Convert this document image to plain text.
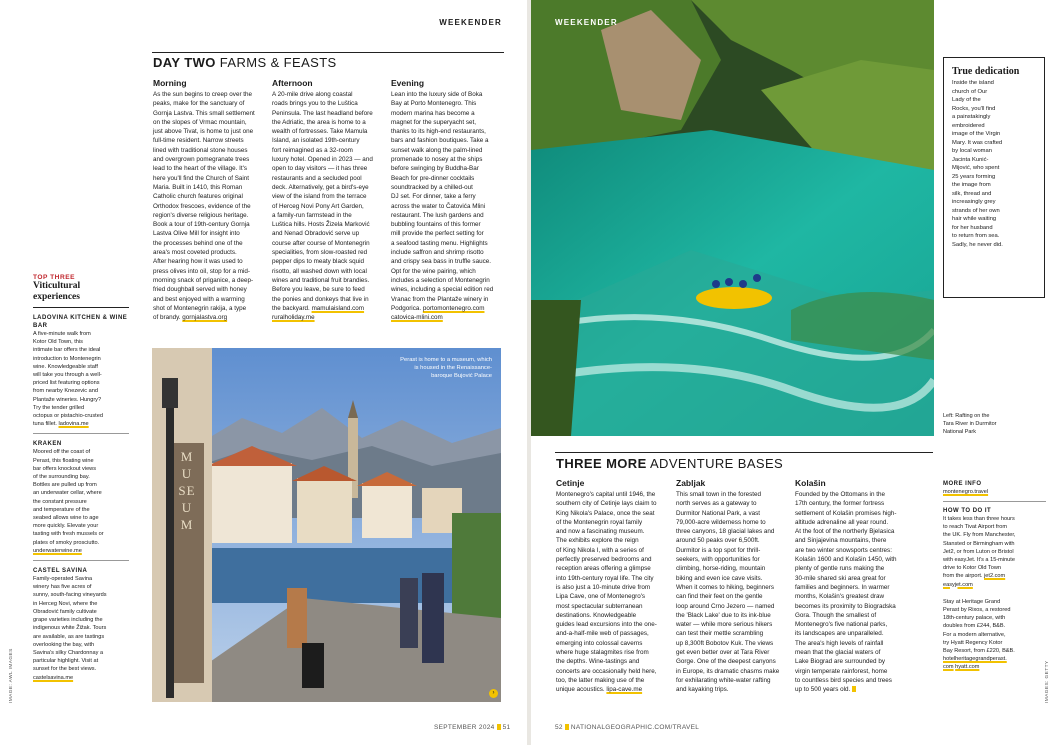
WEEKENDER
DAY TWO FARMS & FEASTS
Morning
As the sun begins to creep over the
peaks, make for the sanctuary of
Gornja Lastva. This small settlement
on the slopes of Vrmac mountain,
just above Tivat, is home to just one
full-time resident. Narrow streets
lined with traditional stone houses
and overgrown pomegranate trees
lead to the heart of the village. It's
here you'll find the Church of Saint
Maria. Built in 1410, this Roman
Catholic church features original
Orthodox frescoes, evidence of the
region's diverse religious heritage.
Book a tour of 19th-century Gornja
Lastva Olive Mill for insight into
the processes behind one of the
area's most coveted products.
After hearing how it was used to
press olives into oil, stop for a mid-
morning snack of priganice, a deep-
fried doughball served with honey
and best enjoyed with a warming
shot of Montenegrin rakija, a type
of brandy. gornjalastva.org
Afternoon
A 20-mile drive along coastal
roads brings you to the Luštica
Peninsula. The last headland before
the Adriatic, the area is home to a
wealth of fortresses. Take Mamula
Island, an isolated 19th-century
fort reimagined as a 32-room
luxury hotel. Opened in 2023 — and
open to day visitors — it has three
restaurants and a secluded pool
deck. Alternatively, get a bird's-eye
view of the island from the terrace
of Herceg Novi Pony Art Garden,
a family-run farmstead in the
Luštica hills. Hosts Žizela Marković
and Nenad Obradović serve up
course after course of Montenegrin
specialities, from slow-roasted red
pepper dips to meaty black squid
risotto, all washed down with local
wines and traditional fruit brandies.
Before you leave, be sure to feed
the ponies and donkeys that live in
the backyard. mamulaisland.com
ruralholiday.me
Evening
Lean into the luxury side of Boka
Bay at Porto Montenegro. This
modern marina has become a
magnet for the superyacht set,
thanks to its high-end restaurants,
bars and fashion boutiques. Take a
sunset walk along the palm-lined
promenade to nosey at the ships
before swinging by Buddha-Bar
Beach for pre-dinner cocktails
soundtracked by a chilled-out
DJ set. For dinner, take a ferry
across the water to Čatovića Mlini
restaurant. The lush gardens and
bubbling fountains of this former
mill provide the perfect setting for
a seafood tasting menu. Highlights
include saffron and shrimp risotto
and crispy sea bass in truffle sauce.
Opt for the wine pairing, which
includes a selection of Montenegrin
wines, including a special edition red
Vranac from the Plantaže winery in
Podgorica. portomontenegro.com
catovica-mlini.com
TOP THREE
Viticultural experiences
LADOVINA KITCHEN & WINE BAR
A five-minute walk from
Kotor Old Town, this
intimate bar offers the ideal
introduction to Montenegrin
wine. Knowledgeable staff
will take you through a well-
priced list featuring options
from nearby Knezevic and
Plantaže wineries. Hungry?
Try the tender grilled
octopus or pistachio-crusted
tuna fillet. ladovina.me
KRAKEN
Moored off the coast of
Perast, this floating wine
bar offers knockout views
of the surrounding bay.
Bottles are pulled up from
an underwater cellar, where
the constant pressure
and temperature of the
seabed allows wine to age
more quickly. Elevate your
tasting with fresh mussels or
plates of smoky prosciutto.
underwaterwine.me
CASTEL SAVINA
Family-operated Savina
winery has five acres of
sunny, south-facing vineyards
in Herceg Novi, where the
Obradović family cultivate
grape varieties including the
indigenous white Žižak. Tours
are available, as are tastings
overlooking the bay, with
Savina's silky Chardonnay a
particular highlight. Visit at
sunset for the best views.
castelsavina.me
MUSEUM
Perast is home to a museum, which
is housed in the Renaissance-
baroque Bujović Palace
›
IMAGE: AWL IMAGES
SEPTEMBER 2024 51
WEEKENDER
True dedication
Inside the island
church of Our
Lady of the
Rocks, you'll find
a painstakingly
embroidered
image of the Virgin
Mary. It was crafted
by local woman
Jacinta Kunić-
Mijović, who spent
25 years forming
the image from
silk, thread and
increasingly grey
strands of her own
hair while waiting
for her husband
to return from sea.
Sadly, he never did.
Left: Rafting on the
Tara River in Durmitor
National Park
THREE MORE ADVENTURE BASES
Cetinje
Montenegro's capital until 1946, the
southern city of Cetinje lays claim to
King Nikola's Palace, once the seat
of the Montenegrin royal family
and now a fascinating museum.
The exhibits explore the reign
of King Nikola I, with a series of
perfectly preserved bedrooms and
reception areas offering a glimpse
into 19th-century royal life. The city
is also just a 10-minute drive from
Lipa Cave, one of Montenegro's
most spectacular subterranean
destinations. Knowledgeable
guides lead excursions into the one-
and-a-half-mile web of passages,
emerging into colossal caverns
where huge stalagmites rise from
the depths. Wine-tastings and
concerts are occasionally held here,
too, the latter making use of the
unique acoustics. lipa-cave.me
Zabljak
This small town in the forested
north serves as a gateway to
Durmitor National Park, a vast
79,000-acre wilderness home to
three canyons, 18 glacial lakes and
around 50 peaks over 6,500ft.
Durmitor is a top spot for thrill-
seekers, with opportunities for
climbing, horse-riding, mountain
biking and even ice cave visits.
When it comes to hiking, beginners
can find their feet on the gentle
loop around Crno Jezero — named
the 'Black Lake' due to its ink-blue
water — while more serious hikers
can test their mettle scrambling
up 8,300ft Bobotov Kuk. The views
get even better over at Tara River
Gorge. One of the deepest canyons
in Europe, its dramatic chasms make
for exhilarating white-water rafting
and kayaking trips.
Kolašin
Founded by the Ottomans in the
17th century, the former fortress
settlement of Kolašin promises high-
altitude adrenaline all year round.
At the foot of the northerly Bjelasica
and Sinjajevina mountains, there
are two winter snowsports centres:
Kolašin 1600 and Kolašin 1450, with
plenty of gentle runs making the
30-mile shared ski area great for
families and beginners. In warmer
months, Kolašin's greatest draw
becomes its proximity to Biogradska
Gora. Though the smallest of
Montenegro's five national parks,
its landscapes are unparalleled.
The area's high levels of rainfall
mean that the glacial waters of
Lake Biograd are surrounded by
virgin temperate rainforest, home
to countless bird species and trees
up to 500 years old.
MORE INFO
montenegro.travel
HOW TO DO IT
It takes less than three hours
to reach Tivat Airport from
the UK. Fly from Manchester,
Stansted or Birmingham with
Jet2, or from Luton or Bristol
with easyJet. It's a 15-minute
drive to Kotor Old Town
from the airport. jet2.com
easyjet.com
Stay at Heritage Grand
Perast by Rixos, a restored
18th-century palace, with
doubles from £244, B&B.
For a modern alternative,
try Hyatt Regency Kotor
Bay Resort, from £220, B&B.
hotelheritagegrandperast.
com hyatt.com	IMAGES: GETTY
52 NATIONALGEOGRAPHIC.COM/TRAVEL
